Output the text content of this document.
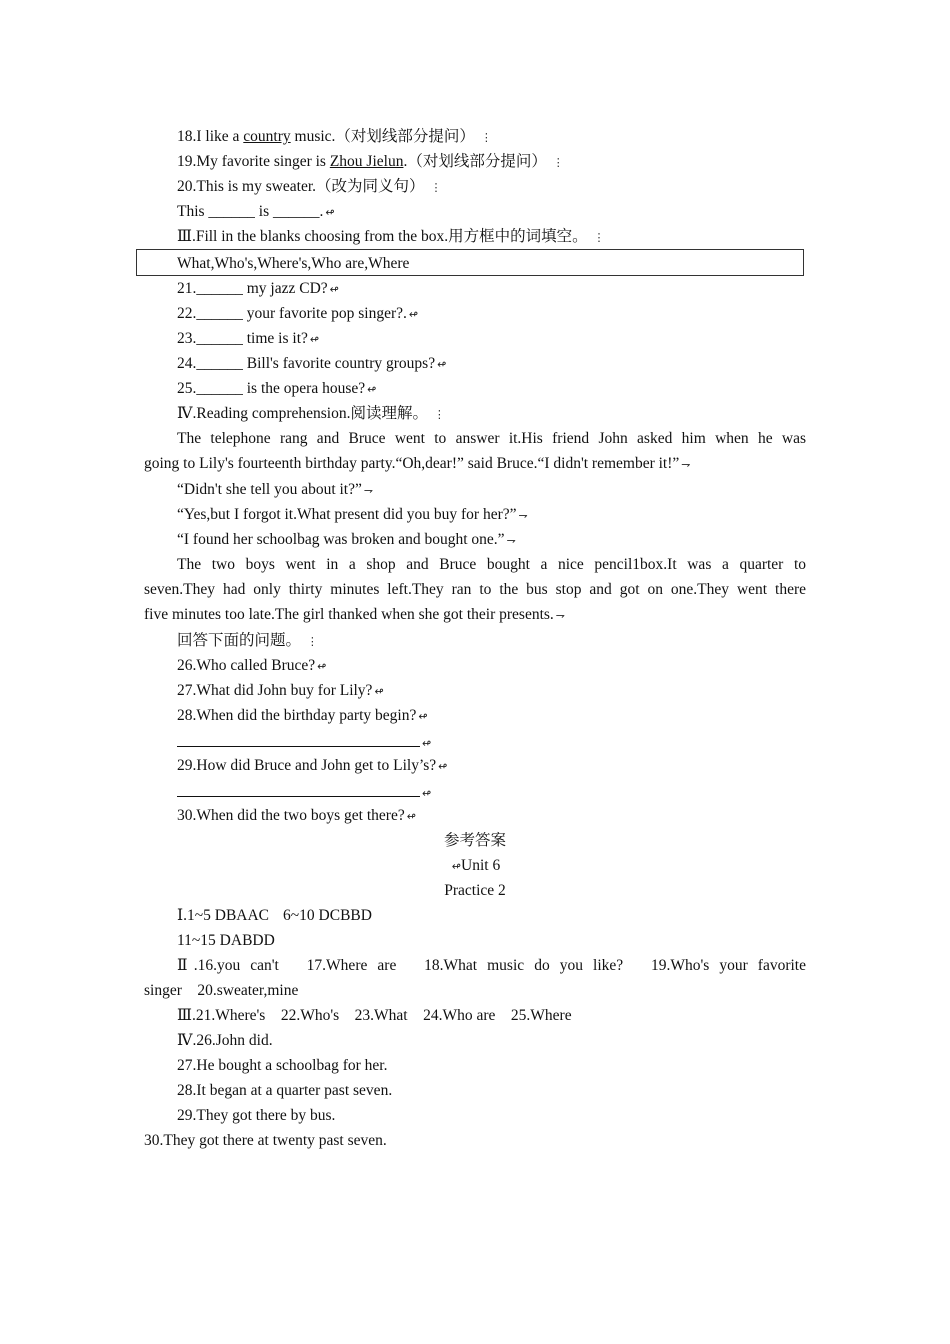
18.I like a country music.（对划线部分提问） ⋮
19.My favorite singer is Zhou Jielun.（对划线部分提问） ⋮
20.This is my sweater.（改为同义句） ⋮
This ______ is ______. ↫
Ⅲ.Fill in the blanks choosing from the box.用方框中的词填空。 ⋮
What,Who's,Where's,Who are,Where
21.______ my jazz CD? ↫
22.______ your favorite pop singer?. ↫
23.______ time is it? ↫
24.______ Bill's favorite country groups? ↫
25.______ is the opera house? ↫
Ⅳ.Reading comprehension.阅读理解。 ⋮
The telephone rang and Bruce went to answer it.His friend John asked him when he was
going to Lily's fourteenth birthday party.“Oh,dear!” said Bruce.“I didn't remember it!” ⇁
“Didn't she tell you about it?” ⇁
“Yes,but I forgot it.What present did you buy for her?” ⇁
“I found her schoolbag was broken and bought one.” ⇁
The two boys went in a shop and Bruce bought a nice pencil1box.It was a quarter to
seven.They had only thirty minutes left.They ran to the bus stop and got on one.They went there
five minutes too late.The girl thanked when she got their presents. ⇁
回答下面的问题。 ⋮
26.Who called Bruce? ↫
27.What did John buy for Lily? ↫
28.When did the birthday party begin? ↫
↫
29.How did Bruce and John get to Lily’s? ↫
↫
30.When did the two boys get there? ↫
参考答案
↫Unit 6
Practice 2
Ⅰ.1~5 DBAAC 6~10 DCBBD
11~15 DABDD
Ⅱ.16.you can't　17.Where are　18.What music do you like?　19.Who's your favorite
singer　20.sweater,mine
Ⅲ.21.Where's　22.Who's　23.What　24.Who are　25.Where
Ⅳ.26.John did.
27.He bought a schoolbag for her.
28.It began at a quarter past seven.
29.They got there by bus.
30.They got there at twenty past seven.
